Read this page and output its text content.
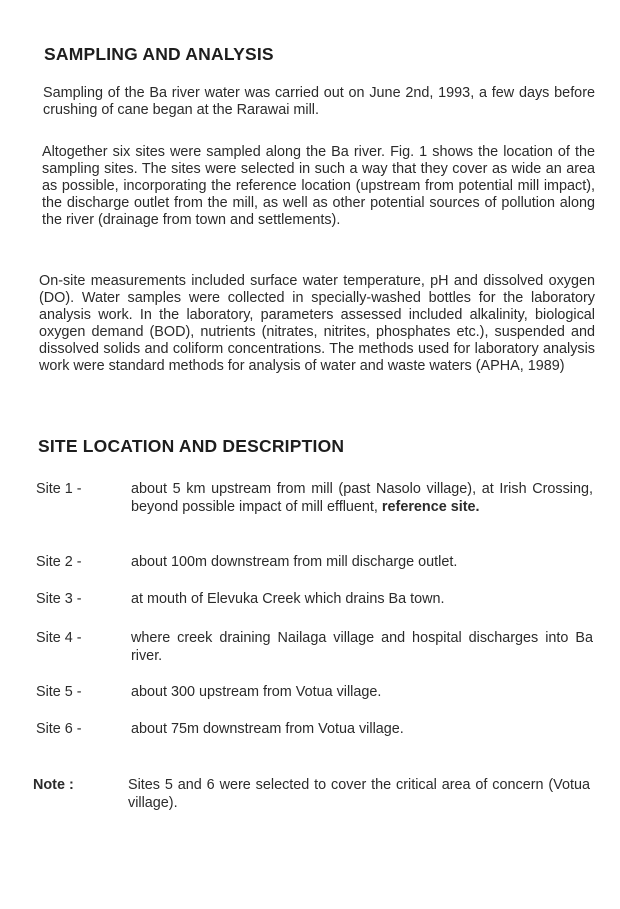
SAMPLING AND ANALYSIS

Sampling of the Ba river water was carried out on June 2nd, 1993, a few days before crushing of cane began at the Rarawai mill.

Altogether six sites were sampled along the Ba river. Fig. 1 shows the location of the sampling sites. The sites were selected in such a way that they cover as wide an area as possible, incorporating the reference location (upstream from potential mill impact), the discharge outlet from the mill, as well as other potential sources of pollution along the river (drainage from town and settlements).

On-site measurements included surface water temperature, pH and dissolved oxygen (DO). Water samples were collected in specially-washed bottles for the laboratory analysis work. In the laboratory, parameters assessed included alkalinity, biological oxygen demand (BOD), nutrients (nitrates, nitrites, phosphates etc.), suspended and dissolved solids and coliform concentrations. The methods used for laboratory analysis work were standard methods for analysis of water and waste waters (APHA, 1989)

SITE LOCATION AND DESCRIPTION
Site 1 -	about 5 km upstream from mill (past Nasolo village), at Irish Crossing, beyond possible impact of mill effluent, reference site.
Site 2 -	about 100m downstream from mill discharge outlet.
Site 3 -	at mouth of Elevuka Creek which drains Ba town.
Site 4 -	where creek draining Nailaga village and hospital discharges into Ba river.
Site 5 -	about 300 upstream from Votua village.
Site 6 -	about 75m downstream from Votua village.
Note :	Sites 5 and 6 were selected to cover the critical area of concern (Votua village).
